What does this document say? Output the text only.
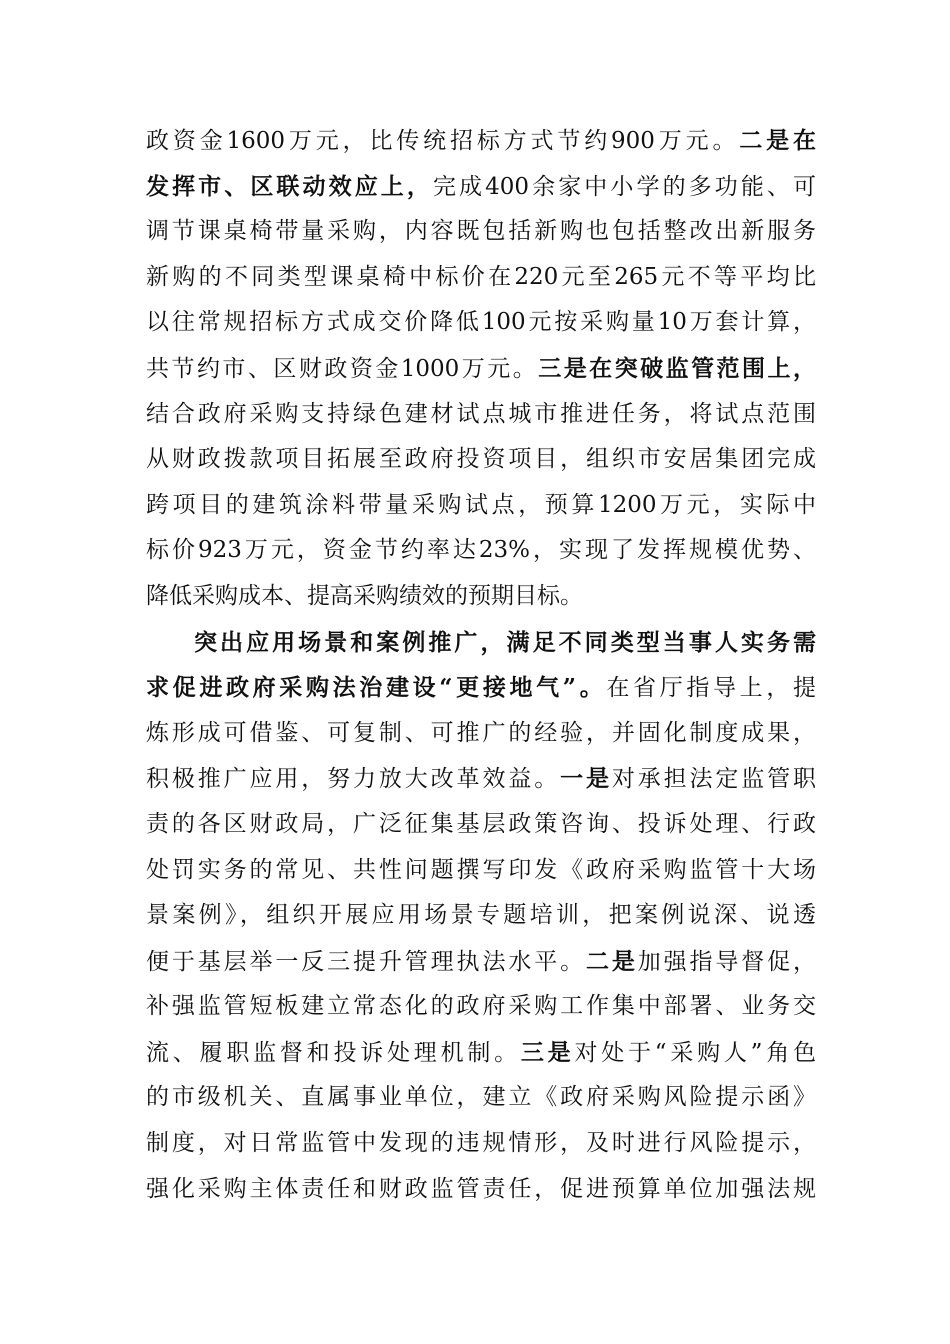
政资金1600万元，比传统招标方式节约900万元。二是在
发挥市、区联动效应上，完成400余家中小学的多功能、可
调节课桌椅带量采购，内容既包括新购也包括整改出新服务
新购的不同类型课桌椅中标价在220元至265元不等平均比
以往常规招标方式成交价降低100元按采购量10万套计算，
共节约市、区财政资金1000万元。三是在突破监管范围上，
结合政府采购支持绿色建材试点城市推进任务，将试点范围
从财政拨款项目拓展至政府投资项目，组织市安居集团完成
跨项目的建筑涂料带量采购试点，预算1200万元，实际中
标价923万元，资金节约率达23%，实现了发挥规模优势、
降低采购成本、提高采购绩效的预期目标。
突出应用场景和案例推广，满足不同类型当事人实务需
求促进政府采购法治建设“更接地气”。在省厅指导上，提
炼形成可借鉴、可复制、可推广的经验，并固化制度成果，
积极推广应用，努力放大改革效益。一是对承担法定监管职
责的各区财政局，广泛征集基层政策咨询、投诉处理、行政
处罚实务的常见、共性问题撰写印发《政府采购监管十大场
景案例》，组织开展应用场景专题培训，把案例说深、说透
便于基层举一反三提升管理执法水平。二是加强指导督促，
补强监管短板建立常态化的政府采购工作集中部署、业务交
流、履职监督和投诉处理机制。三是对处于“采购人”角色
的市级机关、直属事业单位，建立《政府采购风险提示函》
制度，对日常监管中发现的违规情形，及时进行风险提示，
强化采购主体责任和财政监管责任，促进预算单位加强法规
